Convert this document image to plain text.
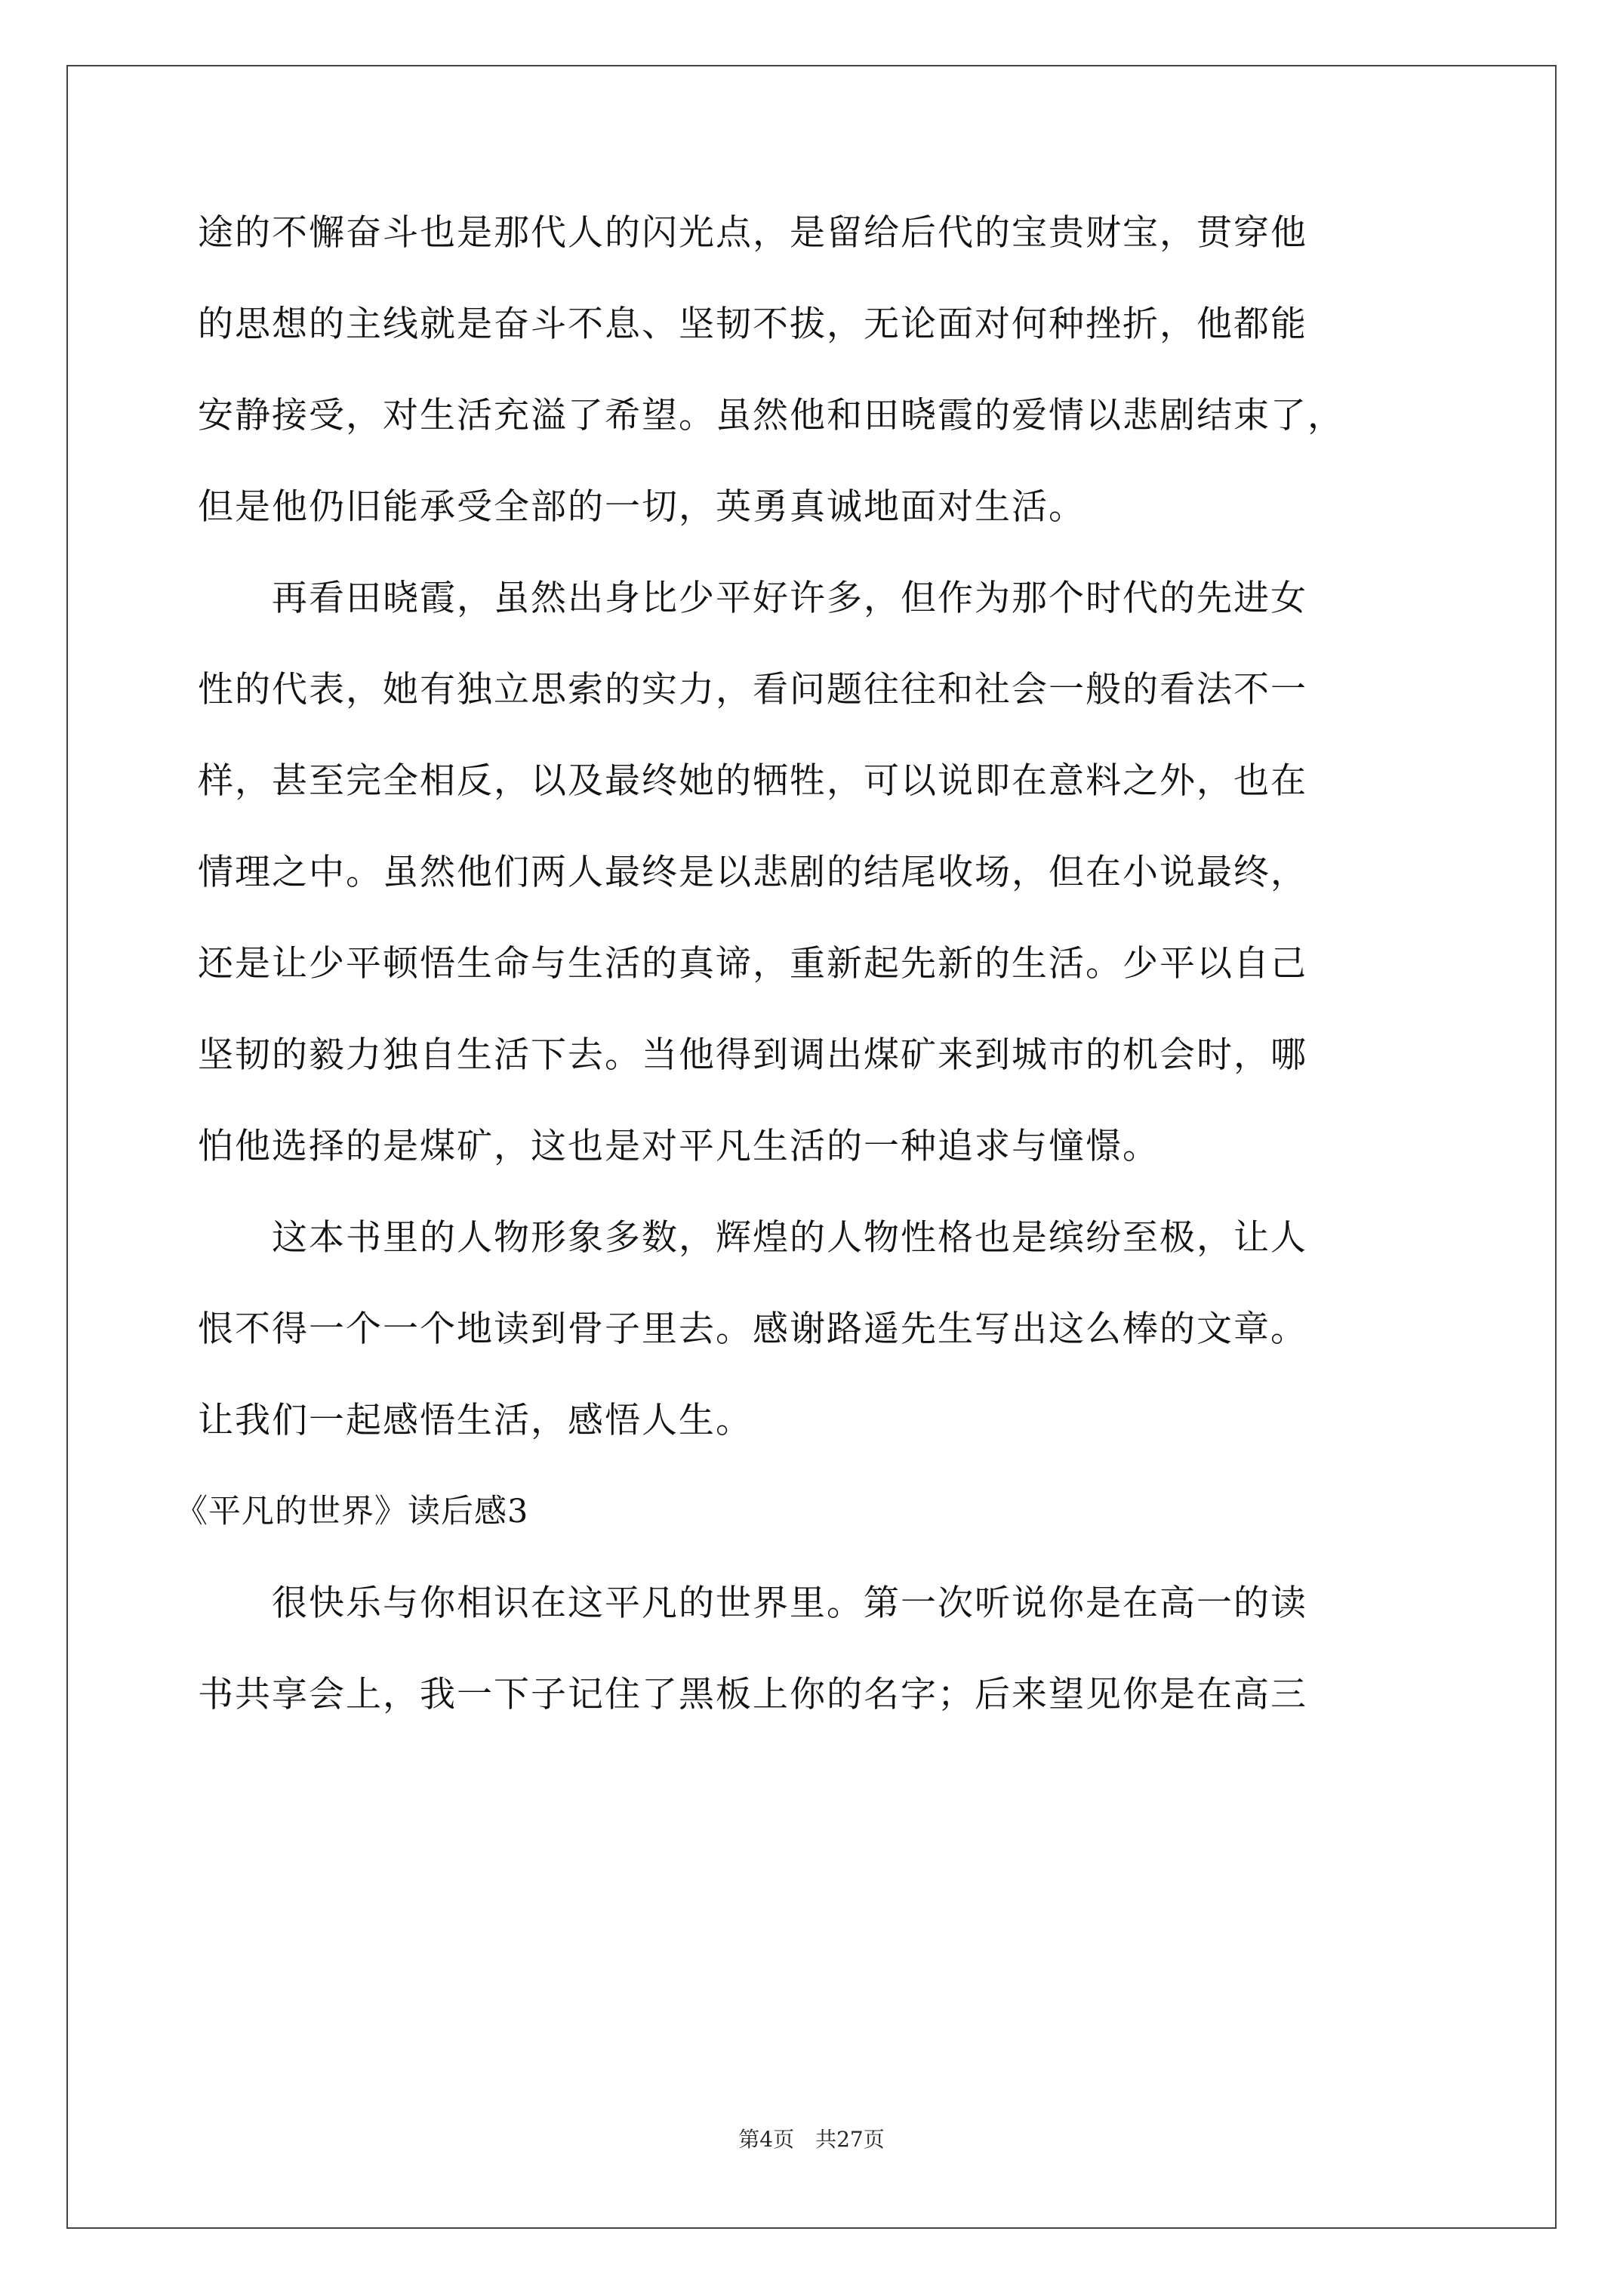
途的不懈奋斗也是那代人的闪光点，是留给后代的宝贵财宝，贯穿他
的思想的主线就是奋斗不息、坚韧不拔，无论面对何种挫折，他都能
安静接受，对生活充溢了希望。虽然他和田晓霞的爱情以悲剧结束了，
但是他仍旧能承受全部的一切，英勇真诚地面对生活。
再看田晓霞，虽然出身比少平好许多，但作为那个时代的先进女
性的代表，她有独立思索的实力，看问题往往和社会一般的看法不一
样，甚至完全相反，以及最终她的牺牲，可以说即在意料之外，也在
情理之中。虽然他们两人最终是以悲剧的结尾收场，但在小说最终，
还是让少平顿悟生命与生活的真谛，重新起先新的生活。少平以自己
坚韧的毅力独自生活下去。当他得到调出煤矿来到城市的机会时，哪
怕他选择的是煤矿，这也是对平凡生活的一种追求与憧憬。
这本书里的人物形象多数，辉煌的人物性格也是缤纷至极，让人
恨不得一个一个地读到骨子里去。感谢路遥先生写出这么棒的文章。
让我们一起感悟生活，感悟人生。
《平凡的世界》读后感3
很快乐与你相识在这平凡的世界里。第一次听说你是在高一的读
书共享会上，我一下子记住了黑板上你的名字；后来望见你是在高三
第4页　共27页
